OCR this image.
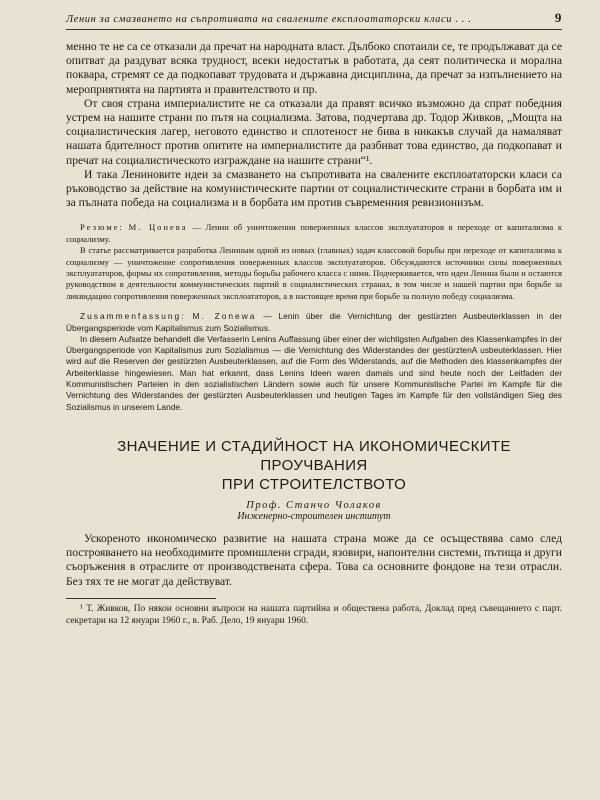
Ленин за смазването на съпротивата на свалените експлоататорски класи . . .	9

менно те не са се отказали да прeчат на народната власт. Дълбоко спотаили се, те продължават да се опитват да раздуват всяка трудност, всеки недостатък в работата, да сеят политическа и морална поквара, стремят се да подкопават трудовата и държавна дисциплина, да пречат за изпълнението на мероприятията на партията и правителството и пр.

От своя страна империалистите не са отказали да правят всичко възможно да спрат победния устрем на нашите страни по пътя на социализма. Затова, подчертава др. Тодор Живков, „Мощта на социалистическия лагер, неговото единство и сплотеност не бива в никакъв случай да намаляват нашата бдителност против опитите на империалистите да разбиват това единство, да подкопават и пречат на социалистическото изграждане на нашите страни“¹.

И така Лениновите идеи за смазването на съпротивата на свалените експлоататорски класи са ръководство за действие на комунистическите партии от социалистическите страни в борбата им и за пълната победа на социализма и в борбата им против съвременния ревизионизъм.

Резюме: М. Цонева — Ленин об уничтожении поверженных классов эксплуататоров в переходе от капитализма к социализму.

В статье рассматривается разработка Лениным одной из новых (главных) задач классовой борьбы при переходе от капитализма к социализму — уничтожение сопротивления поверженных классов эксплуататоров. Обсуждаются источники силы поверженных эксплуататоров, формы их сопротивления, методы борьбы рабочего класса с ними. Подчеркивается, что идеи Ленина были и остаются руководством в деятельности коммунистических партий в социалистических странах, в том числе и нашей партии при борьбе за ликвидацию сопротивления поверженных эксплоататоров, а в настоящее время при борьбе за полную победу социализма.

Zusammenfassung: M. Zonewa — Lenin über die Vernichtung der gestürzten Ausbeuterklassen in der Übergangsperiode vom Kapitalismus zum Sozialismus.

In diesem Aufsatze behandelt die Verfasserin Lenins Auffassung über einer der wichtigsten Aufgaben des Klassenkampfes in der Übergangsperiode von Kapitalismus zum Sozialismus — die Vernichtung des Widerstandes der gestürztenA usbeuterklassen. Hier wird auf die Reserven der gestürzten Ausbeuterklassen, auf die Form des Widerstands, auf die Methoden des klassenkampfes der Arbeiterklasse hingewiesen. Man hat erkannt, dass Lenins Ideen waren damals und sind heute noch der Leitfaden der Kommunistischen Parteien in den sozialistischen Ländern sowie auch für unsere Kommunistische Partei im Kampfe für die Vernichtung des Widerstandes der gestürzten Ausbeuterklassen und heutigen Tages im Kampfe für den vollständigen Sieg des Sozialismus in unserem Lande.

ЗНАЧЕНИЕ И СТАДИЙНОСТ НА ИКОНОМИЧЕСКИТЕ ПРОУЧВАНИЯ
ПРИ СТРОИТЕЛСТВОТО
Проф. Станчо Чолаков
Инженерно-строителен институт

Ускореното икономическо развитие на нашата страна може да се осъществява само след построяването на необходимите промишлени сгради, язовири, напоителни системи, пътища и други съоръжения в отраслите от производствената сфера. Това са основните фондове на тези отрасли. Без тях те не могат да действуват.

¹ Т. Живков, По някои основни въпроси на нашата партийна и обществена работа, Доклад пред съвещанието с парт. секретари на 12 януари 1960 г., в. Раб. Дело, 19 януари 1960.
